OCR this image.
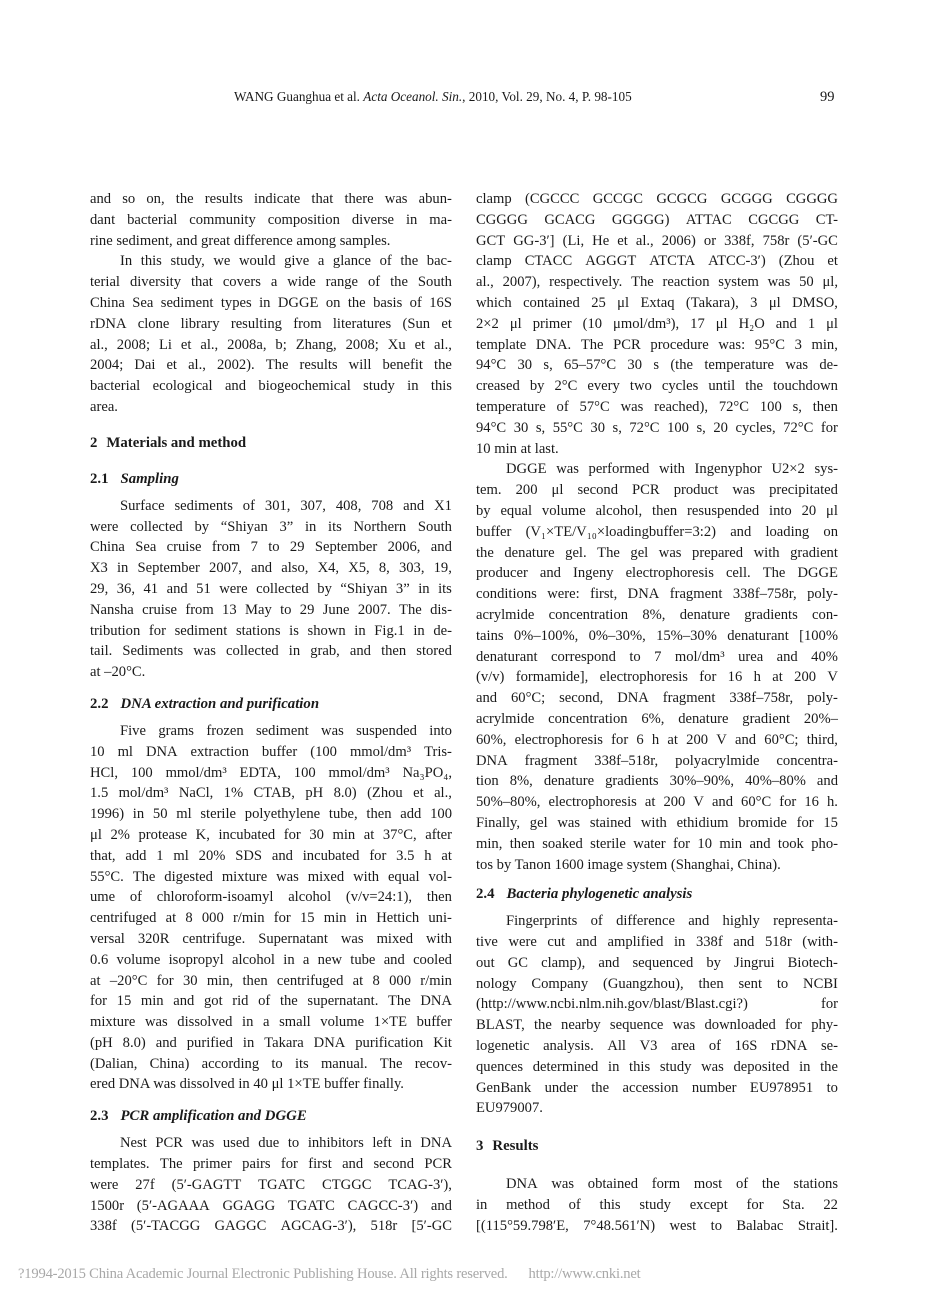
WANG Guanghua et al. Acta Oceanol. Sin., 2010, Vol. 29, No. 4, P. 98-105	99
and so on, the results indicate that there was abun-
dant bacterial community composition diverse in ma-
rine sediment, and great difference among samples.
In this study, we would give a glance of the bac-
terial diversity that covers a wide range of the South
China Sea sediment types in DGGE on the basis of 16S
rDNA clone library resulting from literatures (Sun et
al., 2008; Li et al., 2008a, b; Zhang, 2008; Xu et al.,
2004; Dai et al., 2002). The results will benefit the
bacterial ecological and biogeochemical study in this
area.
2 Materials and method
2.1 Sampling
Surface sediments of 301, 307, 408, 708 and X1
were collected by “Shiyan 3” in its Northern South
China Sea cruise from 7 to 29 September 2006, and
X3 in September 2007, and also, X4, X5, 8, 303, 19,
29, 36, 41 and 51 were collected by “Shiyan 3” in its
Nansha cruise from 13 May to 29 June 2007. The dis-
tribution for sediment stations is shown in Fig.1 in de-
tail. Sediments was collected in grab, and then stored
at –20°C.
2.2 DNA extraction and purification
Five grams frozen sediment was suspended into
10 ml DNA extraction buffer (100 mmol/dm³ Tris-
HCl, 100 mmol/dm³ EDTA, 100 mmol/dm³ Na₃PO₄,
1.5 mol/dm³ NaCl, 1% CTAB, pH 8.0) (Zhou et al.,
1996) in 50 ml sterile polyethylene tube, then add 100
μl 2% protease K, incubated for 30 min at 37°C, after
that, add 1 ml 20% SDS and incubated for 3.5 h at
55°C. The digested mixture was mixed with equal vol-
ume of chloroform-isoamyl alcohol (v/v=24:1), then
centrifuged at 8 000 r/min for 15 min in Hettich uni-
versal 320R centrifuge. Supernatant was mixed with
0.6 volume isopropyl alcohol in a new tube and cooled
at –20°C for 30 min, then centrifuged at 8 000 r/min
for 15 min and got rid of the supernatant. The DNA
mixture was dissolved in a small volume 1×TE buffer
(pH 8.0) and purified in Takara DNA purification Kit
(Dalian, China) according to its manual. The recov-
ered DNA was dissolved in 40 μl 1×TE buffer finally.
2.3 PCR amplification and DGGE
Nest PCR was used due to inhibitors left in DNA
templates. The primer pairs for first and second PCR
were 27f (5′-GAGTT TGATC CTGGC TCAG-3′),
1500r (5′-AGAAA GGAGG TGATC CAGCC-3′) and
338f (5′-TACGG GAGGC AGCAG-3′), 518r [5′-GC
clamp (CGCCC GCCGC GCGCG GCGGG CGGGG
CGGGG GCACG GGGGG) ATTAC CGCGG CT-
GCT GG-3′] (Li, He et al., 2006) or 338f, 758r (5′-GC
clamp CTACC AGGGT ATCTA ATCC-3′) (Zhou et
al., 2007), respectively. The reaction system was 50 μl,
which contained 25 μl Extaq (Takara), 3 μl DMSO,
2×2 μl primer (10 μmol/dm³), 17 μl H₂O and 1 μl
template DNA. The PCR procedure was: 95°C 3 min,
94°C 30 s, 65–57°C 30 s (the temperature was de-
creased by 2°C every two cycles until the touchdown
temperature of 57°C was reached), 72°C 100 s, then
94°C 30 s, 55°C 30 s, 72°C 100 s, 20 cycles, 72°C for
10 min at last.
DGGE was performed with Ingenyphor U2×2 sys-
tem. 200 μl second PCR product was precipitated
by equal volume alcohol, then resuspended into 20 μl
buffer (V₁×TE/V₁₀×loadingbuffer=3:2) and loading on
the denature gel. The gel was prepared with gradient
producer and Ingeny electrophoresis cell. The DGGE
conditions were: first, DNA fragment 338f–758r, poly-
acrylmide concentration 8%, denature gradients con-
tains 0%–100%, 0%–30%, 15%–30% denaturant [100%
denaturant correspond to 7 mol/dm³ urea and 40%
(v/v) formamide], electrophoresis for 16 h at 200 V
and 60°C; second, DNA fragment 338f–758r, poly-
acrylmide concentration 6%, denature gradient 20%–
60%, electrophoresis for 6 h at 200 V and 60°C; third,
DNA fragment 338f–518r, polyacrylmide concentra-
tion 8%, denature gradients 30%–90%, 40%–80% and
50%–80%, electrophoresis at 200 V and 60°C for 16 h.
Finally, gel was stained with ethidium bromide for 15
min, then soaked sterile water for 10 min and took pho-
tos by Tanon 1600 image system (Shanghai, China).
2.4 Bacteria phylogenetic analysis
Fingerprints of difference and highly representa-
tive were cut and amplified in 338f and 518r (with-
out GC clamp), and sequenced by Jingrui Biotech-
nology Company (Guangzhou), then sent to NCBI
(http://www.ncbi.nlm.nih.gov/blast/Blast.cgi?)	for
BLAST, the nearby sequence was downloaded for phy-
logenetic analysis. All V3 area of 16S rDNA se-
quences determined in this study was deposited in the
GenBank under the accession number EU978951 to
EU979007.
3 Results
DNA was obtained form most of the stations
in method of this study except for Sta. 22
[(115°59.798′E, 7°48.561′N) west to Balabac Strait].
?1994-2015 China Academic Journal Electronic Publishing House. All rights reserved. http://www.cnki.net
